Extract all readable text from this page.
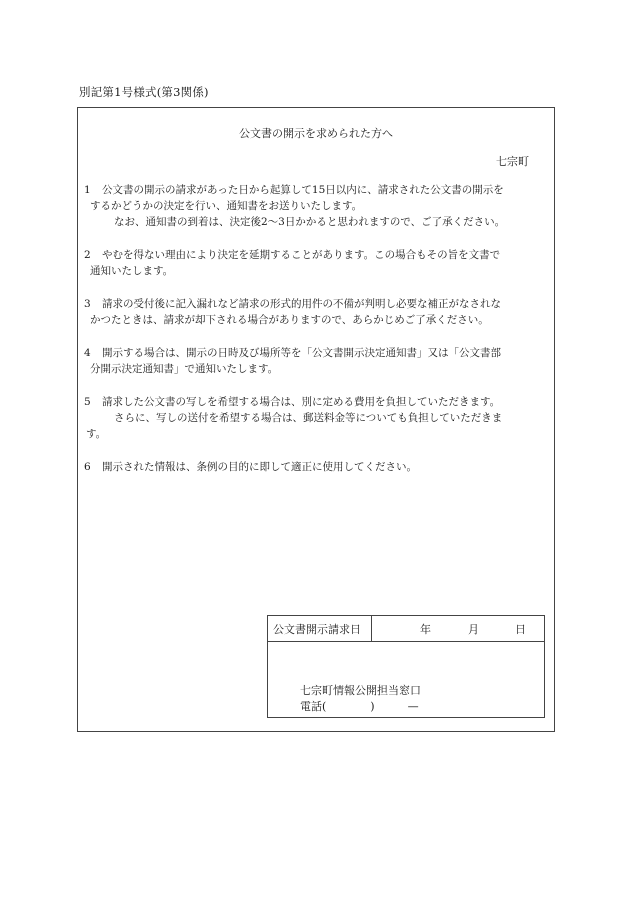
別記第1号様式(第3関係)
公文書の開示を求められた方へ
七宗町
1 公文書の開示の請求があった日から起算して15日以内に、請求された公文書の開示を
するかどうかの決定を行い、通知書をお送りいたします。
なお、通知書の到着は、決定後2〜3日かかると思われますので、ご了承ください。
2 やむを得ない理由により決定を延期することがあります。この場合もその旨を文書で
通知いたします。
3 請求の受付後に記入漏れなど請求の形式的用件の不備が判明し必要な補正がなされな
かつたときは、請求が却下される場合がありますので、あらかじめご了承ください。
4 開示する場合は、開示の日時及び場所等を「公文書開示決定通知書」又は「公文書部
分開示決定通知書」で通知いたします。
5 請求した公文書の写しを希望する場合は、別に定める費用を負担していただきます。
さらに、写しの送付を希望する場合は、郵送料金等についても負担していただきま
す。
6 開示された情報は、条例の目的に即して適正に使用してください。
公文書開示請求日	年	月	日
七宗町情報公開担当窓口
電話(　　　　)　　　—
